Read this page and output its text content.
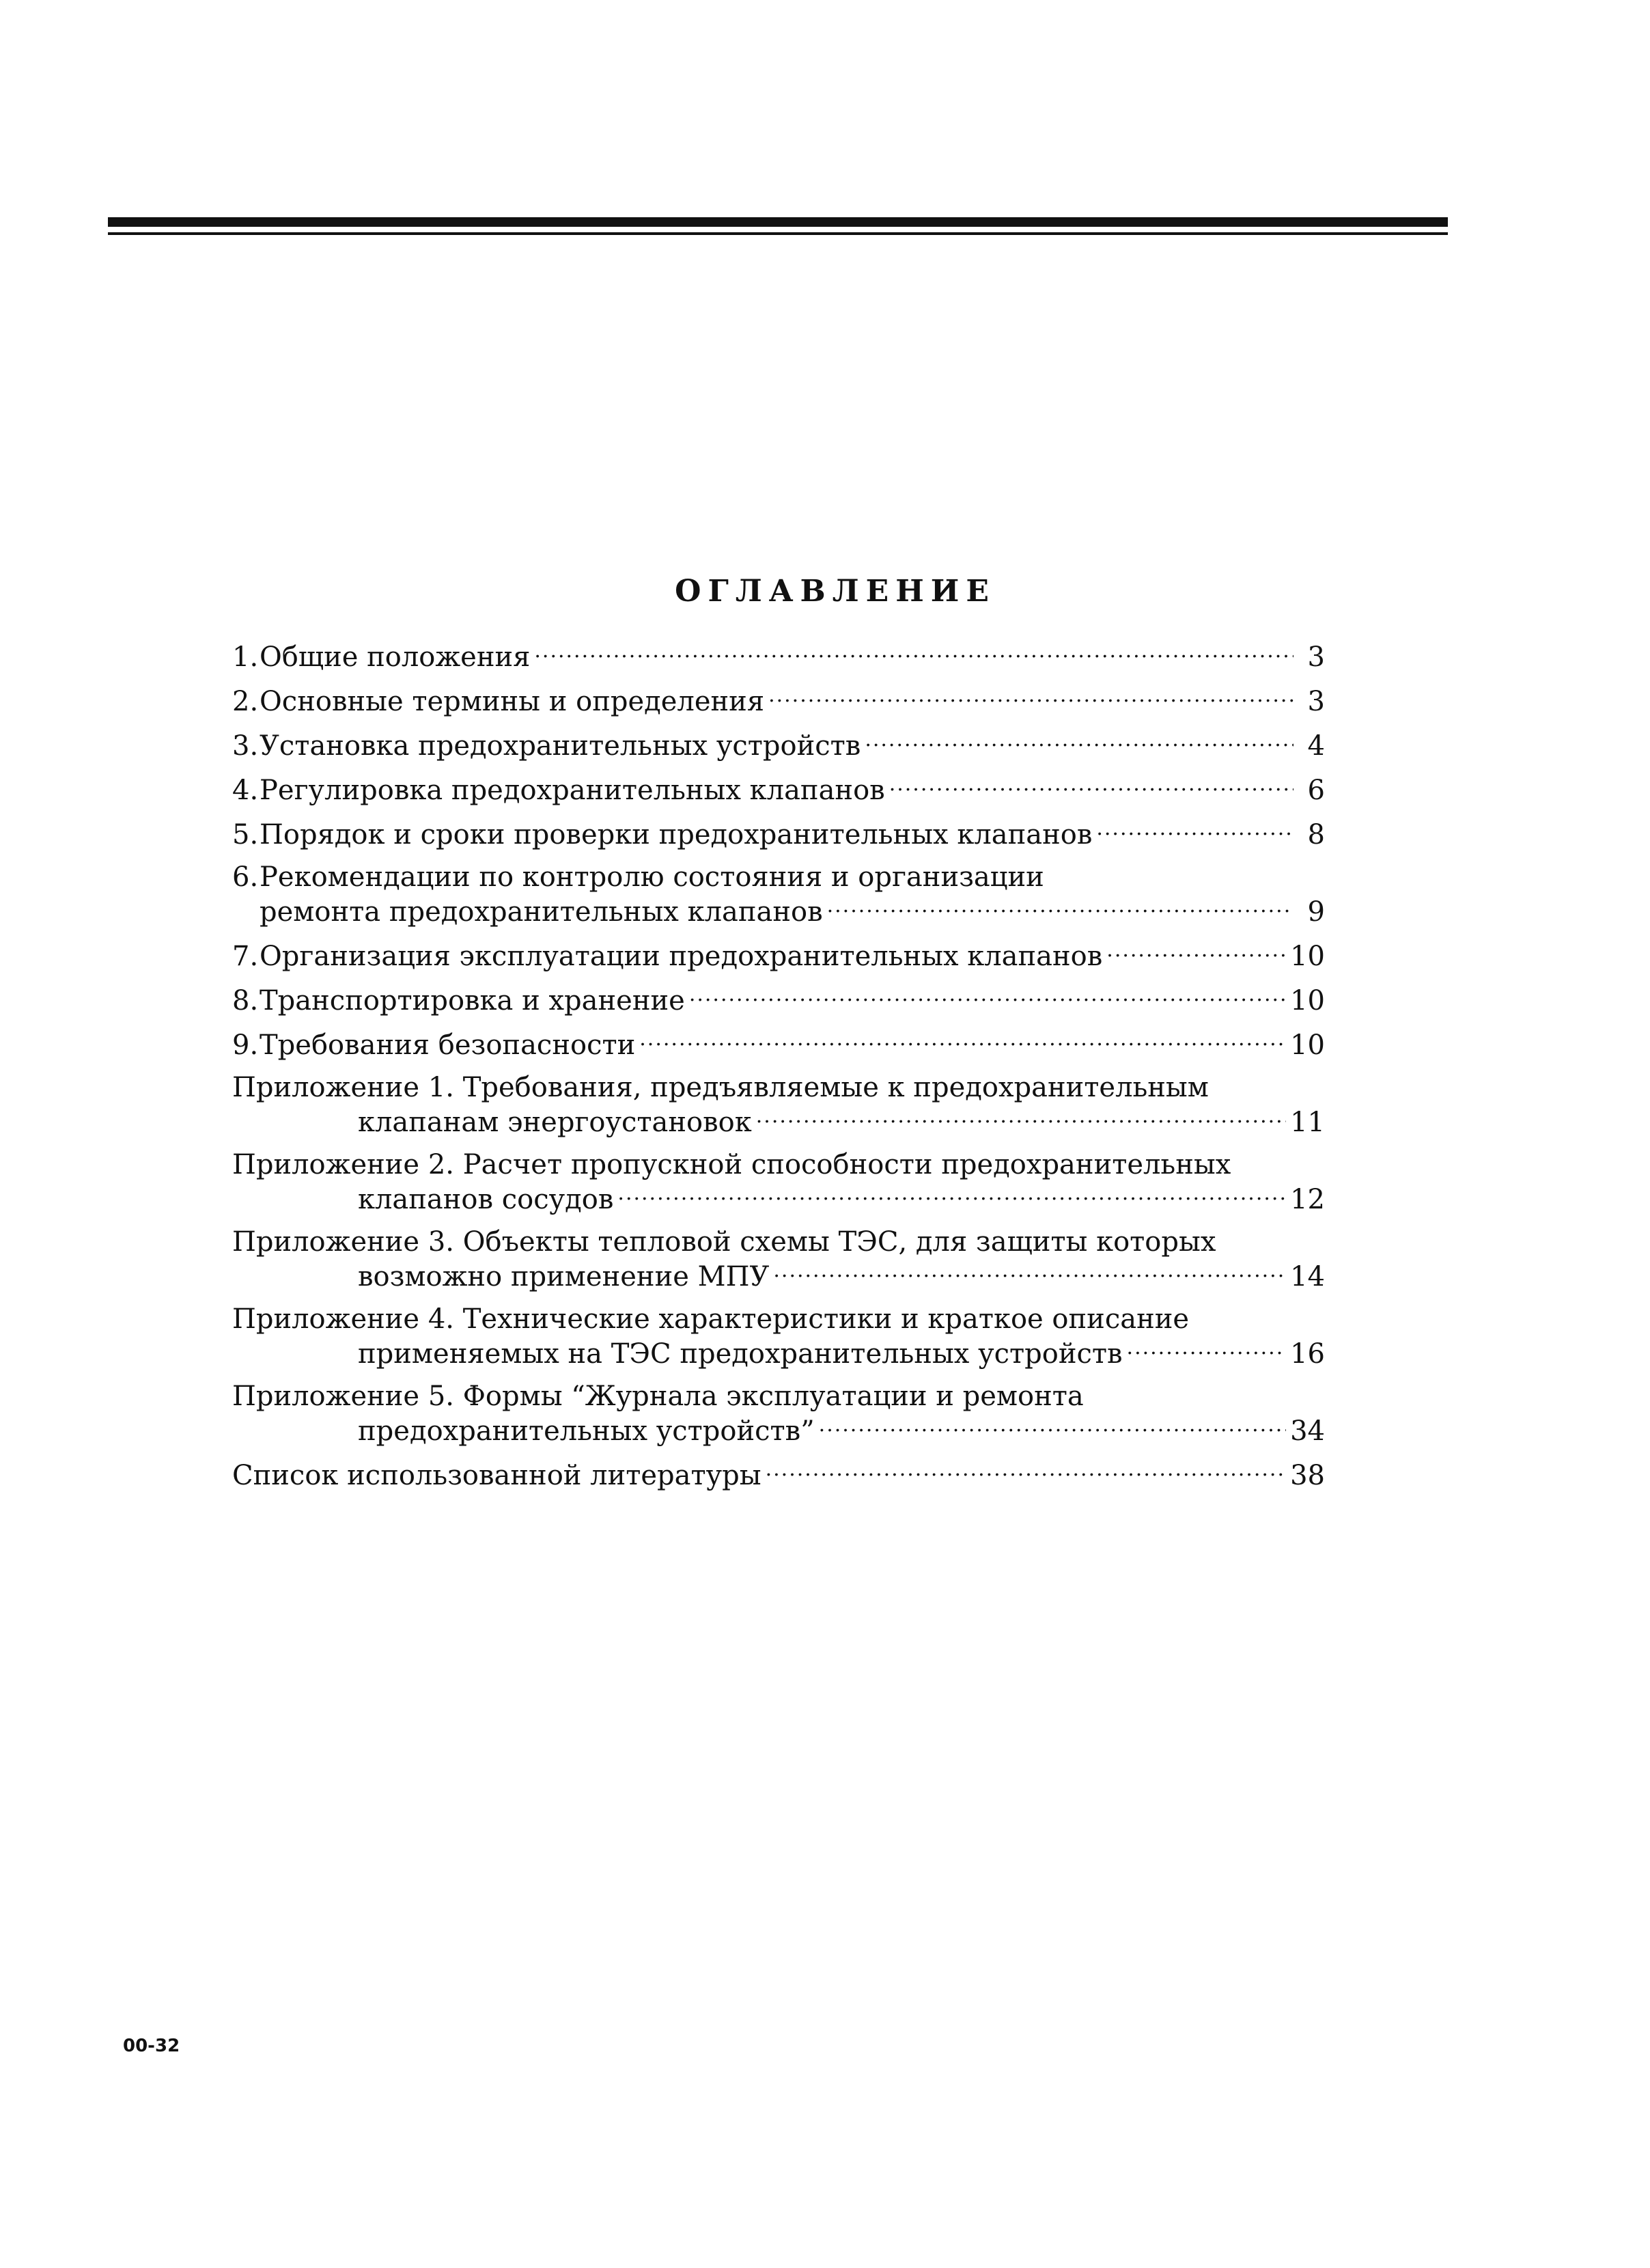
ОГЛАВЛЕНИЕ
1. Общие положения .....	3
2. Основные термины и определения .....	3
3. Установка предохранительных устройств .....	4
4. Регулировка предохранительных клапанов .....	6
5. Порядок и сроки проверки предохранительных клапанов .....	8
6. Рекомендации по контролю состояния и организации
ремонта предохранительных клапанов .....	9
7. Организация эксплуатации предохранительных клапанов .....	10
8. Транспортировка и хранение .....	10
9. Требования безопасности .....	10
Приложение 1. Требования, предъявляемые к предохранительным
клапанам энергоустановок .....	11
Приложение 2. Расчет пропускной способности предохранительных
клапанов сосудов .....	12
Приложение 3. Объекты тепловой схемы ТЭС, для защиты которых
возможно применение МПУ .....	14
Приложение 4. Технические характеристики и краткое описание
применяемых на ТЭС предохранительных устройств .....	16
Приложение 5. Формы “Журнала эксплуатации и ремонта
предохранительных устройств” .....	34
Список использованной литературы .....	38

00-32
